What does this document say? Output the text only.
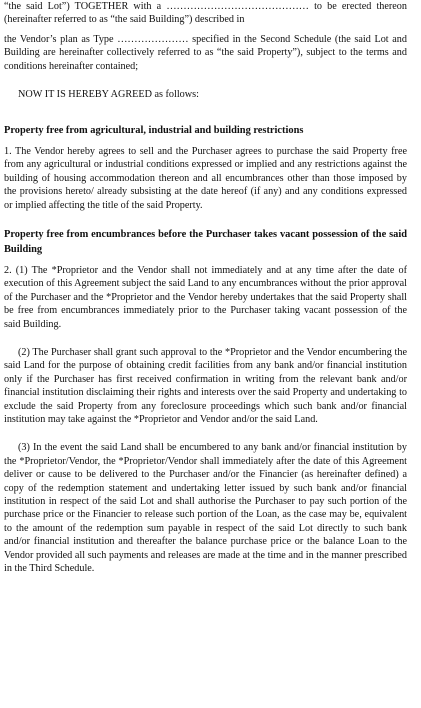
“the said Lot”) TOGETHER with a …………………………………… to be erected thereon (hereinafter referred to as “the said Building”) described in

the Vendor’s plan as Type ………………… specified in the Second Schedule (the said Lot and Building are hereinafter collectively referred to as “the said Property”), subject to the terms and conditions hereinafter contained;

NOW IT IS HEREBY AGREED as follows:

Property free from agricultural, industrial and building restrictions

1. The Vendor hereby agrees to sell and the Purchaser agrees to purchase the said Property free from any agricultural or industrial conditions expressed or implied and any restrictions against the building of housing accommodation thereon and all encumbrances other than those imposed by the provisions hereto/ already subsisting at the date hereof (if any) and any conditions expressed or implied affecting the title of the said Property.

Property free from encumbrances before the Purchaser takes vacant possession of the said Building

2. (1) The *Proprietor and the Vendor shall not immediately and at any time after the date of execution of this Agreement subject the said Land to any encumbrances without the prior approval of the Purchaser and the *Proprietor and the Vendor hereby undertakes that the said Property shall be free from encumbrances immediately prior to the Purchaser taking vacant possession of the said Building.

(2) The Purchaser shall grant such approval to the *Proprietor and the Vendor encumbering the said Land for the purpose of obtaining credit facilities from any bank and/or financial institution only if the Purchaser has first received confirmation in writing from the relevant bank and/or financial institution disclaiming their rights and interests over the said Property and undertaking to exclude the said Property from any foreclosure proceedings which such bank and/or financial institution may take against the *Proprietor and Vendor and/or the said Land.

(3) In the event the said Land shall be encumbered to any bank and/or financial institution by the *Proprietor/Vendor, the *Proprietor/Vendor shall immediately after the date of this Agreement deliver or cause to be delivered to the Purchaser and/or the Financier (as hereinafter defined) a copy of the redemption statement and undertaking letter issued by such bank and/or financial institution in respect of the said Lot and shall authorise the Purchaser to pay such portion of the purchase price or the Financier to release such portion of the Loan, as the case may be, equivalent to the amount of the redemption sum payable in respect of the said Lot directly to such bank and/or financial institution and thereafter the balance purchase price or the balance Loan to the Vendor provided all such payments and releases are made at the time and in the manner prescribed in the Third Schedule.
